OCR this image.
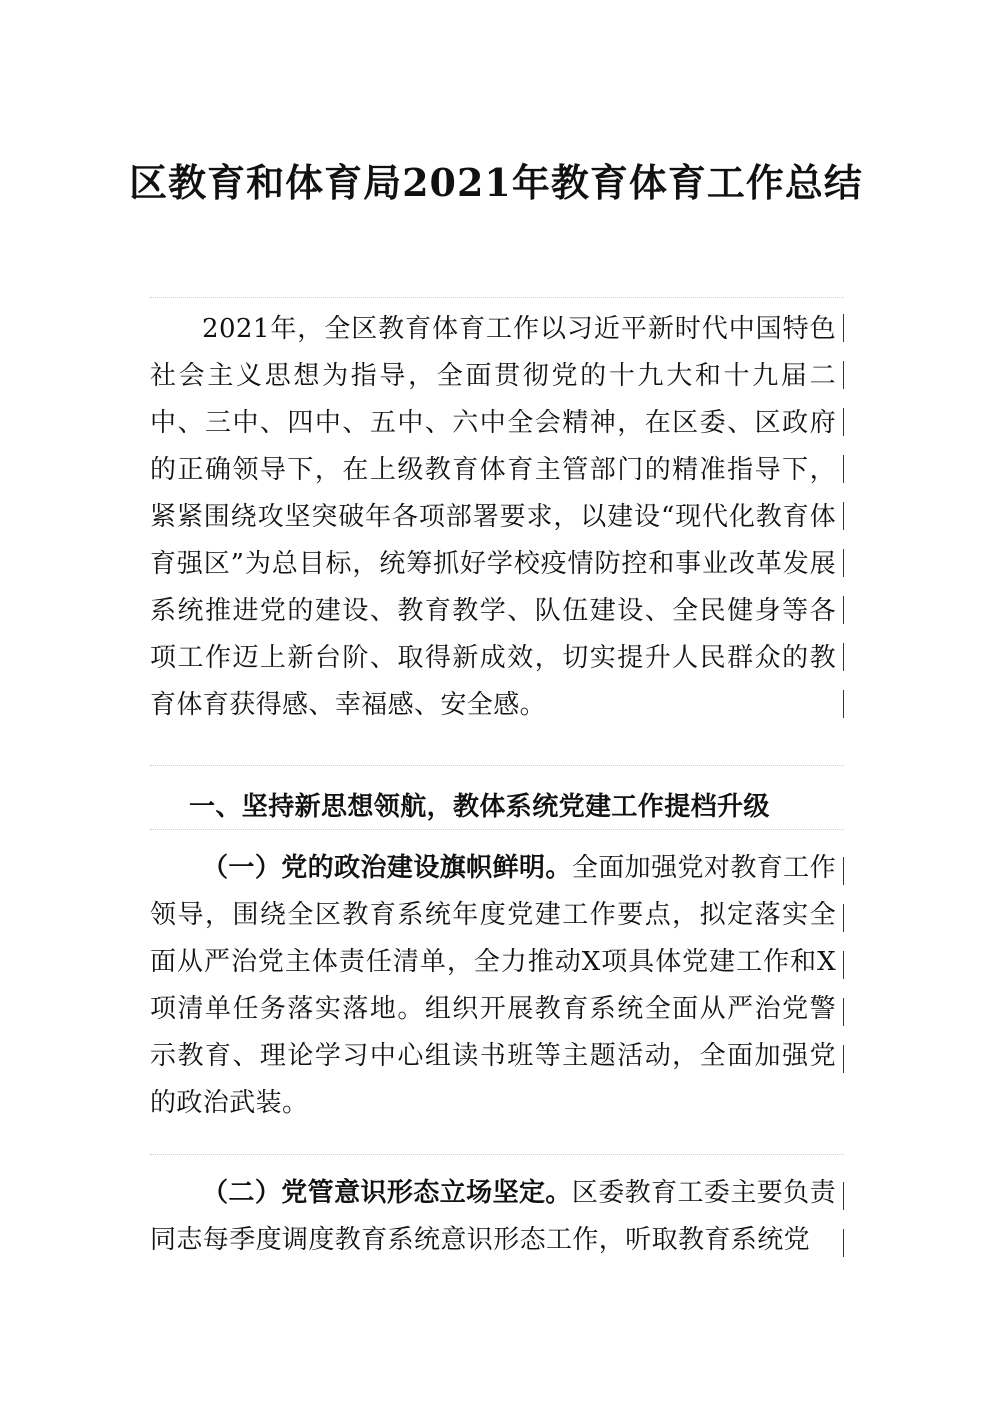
区教育和体育局2021年教育体育工作总结

2021年，全区教育体育工作以习近平新时代中国特色社会主义思想为指导，全面贯彻党的十九大和十九届二中、三中、四中、五中、六中全会精神，在区委、区政府的正确领导下，在上级教育体育主管部门的精准指导下，紧紧围绕攻坚突破年各项部署要求，以建设“现代化教育体育强区”为总目标，统筹抓好学校疫情防控和事业改革发展系统推进党的建设、教育教学、队伍建设、全民健身等各项工作迈上新台阶、取得新成效，切实提升人民群众的教育体育获得感、幸福感、安全感。

一、坚持新思想领航，教体系统党建工作提档升级

（一）党的政治建设旗帜鲜明。全面加强党对教育工作领导，围绕全区教育系统年度党建工作要点，拟定落实全面从严治党主体责任清单，全力推动X项具体党建工作和X项清单任务落实落地。组织开展教育系统全面从严治党警示教育、理论学习中心组读书班等主题活动，全面加强党的政治武装。

（二）党管意识形态立场坚定。区委教育工委主要负责同志每季度调度教育系统意识形态工作，听取教育系统党
